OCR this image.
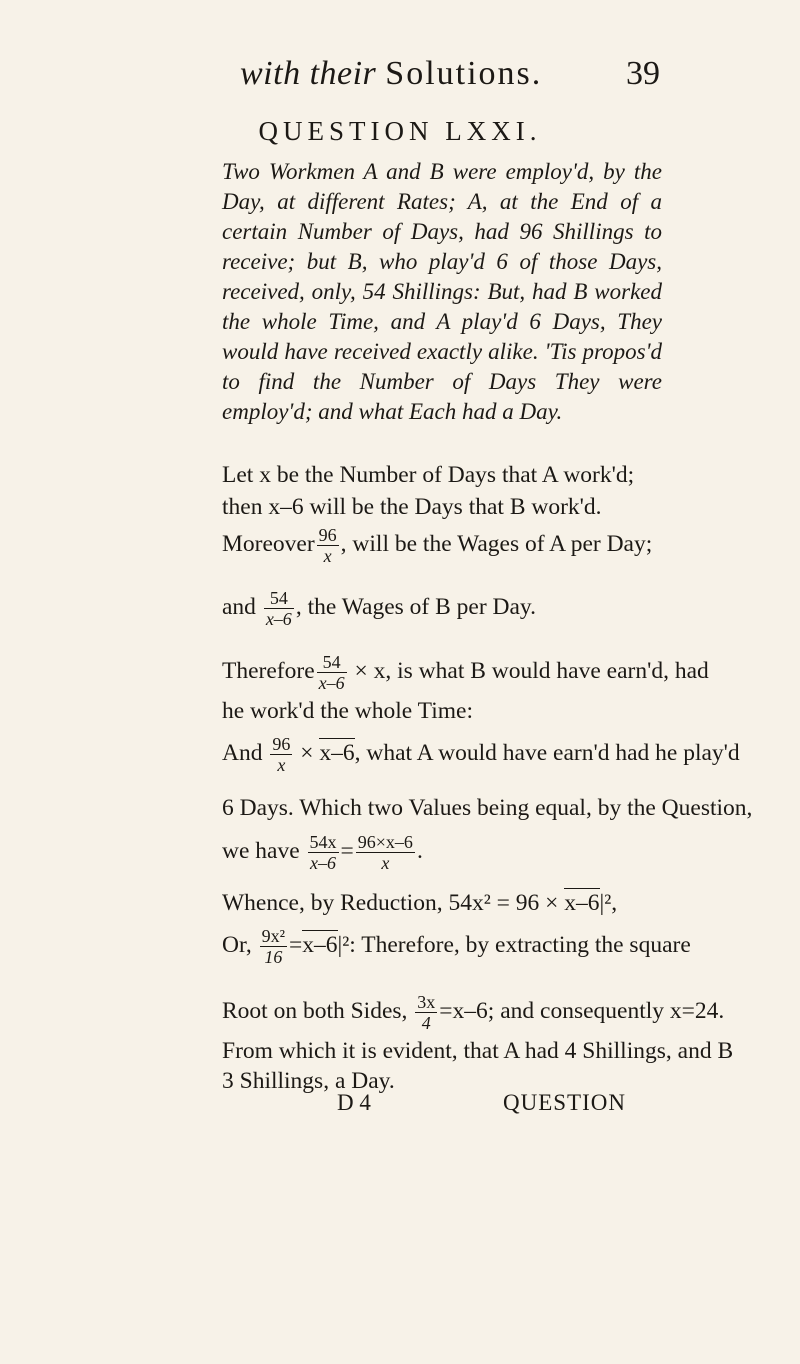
with their Solutions. 39
QUESTION LXXI.
Two Workmen A and B were employ'd, by the Day, at different Rates; A, at the End of a certain Number of Days, had 96 Shillings to receive; but B, who play'd 6 of those Days, received, only, 54 Shillings: But, had B worked the whole Time, and A play'd 6 Days, They would have received exactly alike. 'Tis propos'd to find the Number of Days They were employ'd; and what Each had a Day.
Let x be the Number of Days that A work'd;
then x–6 will be the Days that B work'd.
Moreover $\frac{96}{x}$ , will be the Wages of A per Day;
and $\frac{54}{x-6}$ , the Wages of B per Day.
Therefore $\frac{54}{x-6} \times x$, is what B would have earn'd, had
he work'd the whole Time:
And $\frac{96}{x} \times x-6$, what A would have earn'd had he play'd
6 Days. Which two Values being equal, by the Question,
we have $\frac{54x}{x-6} = \frac{96\times x-6}{x}$ .
Whence, by Reduction, 54x² = 96 × x–6|²,
Or, $\frac{\text{9x²}}{16} =x-6|^2$: Therefore, by extracting the square
Root on both Sides, $\frac{3x}{4} =x-6$; and consequently x=24.
From which it is evident, that A had 4 Shillings, and B
3 Shillings, a Day.
D 4	QUESTION
